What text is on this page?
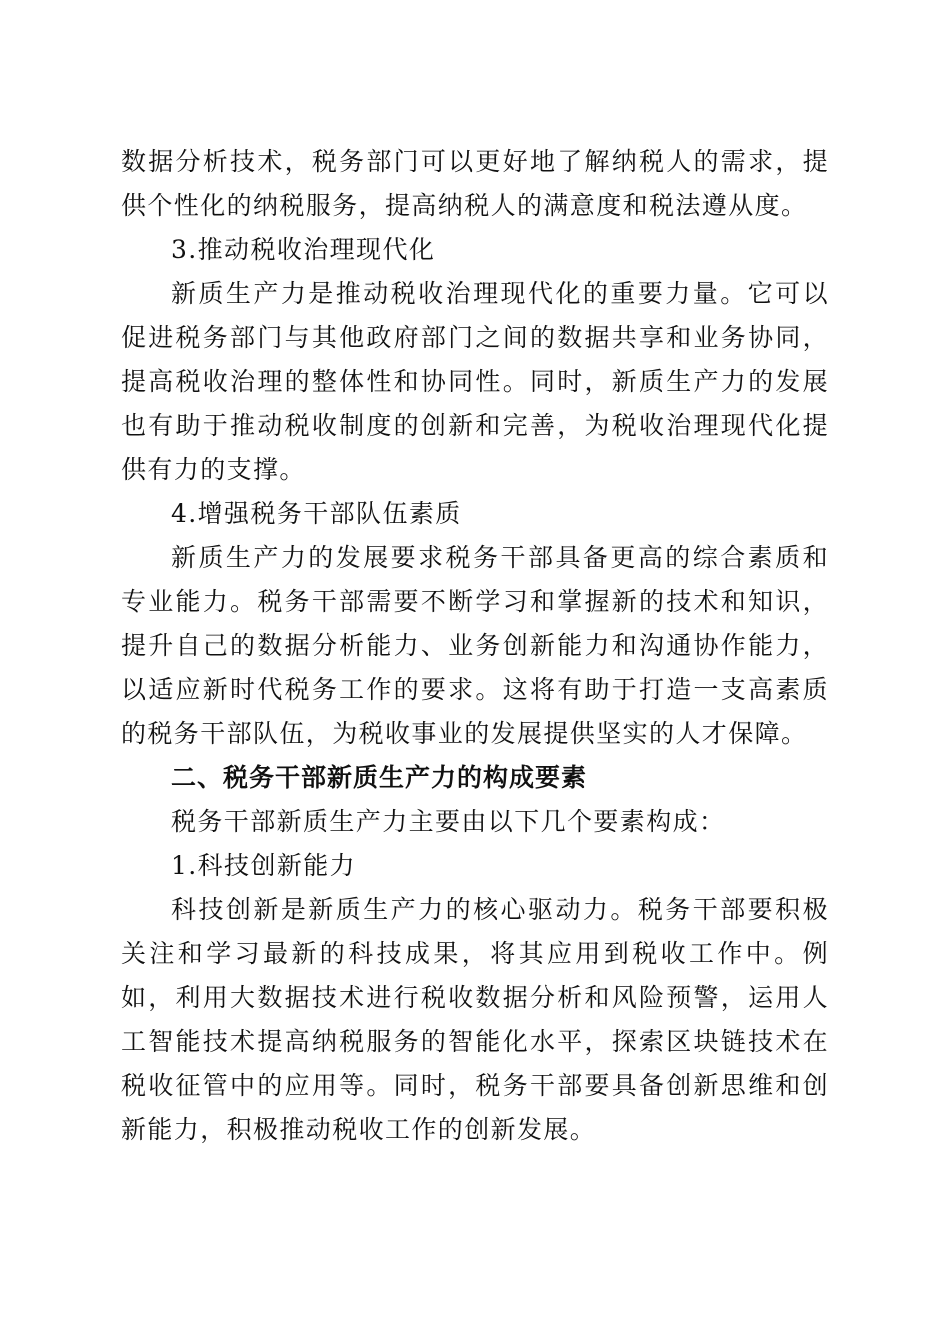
数据分析技术，税务部门可以更好地了解纳税人的需求，提供个性化的纳税服务，提高纳税人的满意度和税法遵从度。

3.推动税收治理现代化

新质生产力是推动税收治理现代化的重要力量。它可以促进税务部门与其他政府部门之间的数据共享和业务协同，提高税收治理的整体性和协同性。同时，新质生产力的发展也有助于推动税收制度的创新和完善，为税收治理现代化提供有力的支撑。

4.增强税务干部队伍素质

新质生产力的发展要求税务干部具备更高的综合素质和专业能力。税务干部需要不断学习和掌握新的技术和知识，提升自己的数据分析能力、业务创新能力和沟通协作能力，以适应新时代税务工作的要求。这将有助于打造一支高素质的税务干部队伍，为税收事业的发展提供坚实的人才保障。

二、税务干部新质生产力的构成要素

税务干部新质生产力主要由以下几个要素构成：

1.科技创新能力

科技创新是新质生产力的核心驱动力。税务干部要积极关注和学习最新的科技成果，将其应用到税收工作中。例如，利用大数据技术进行税收数据分析和风险预警，运用人工智能技术提高纳税服务的智能化水平，探索区块链技术在税收征管中的应用等。同时，税务干部要具备创新思维和创新能力，积极推动税收工作的创新发展。
